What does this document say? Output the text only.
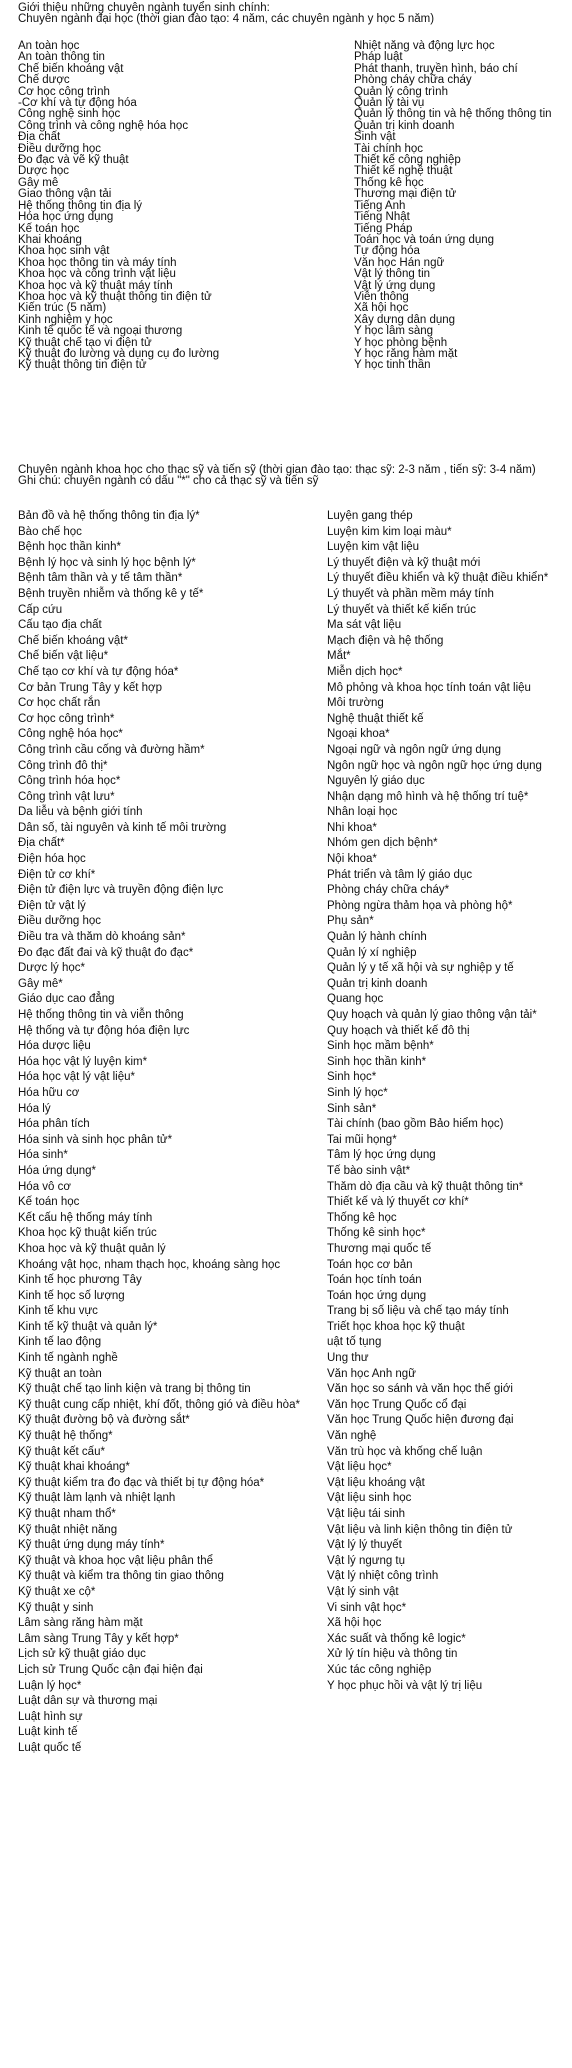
Giới thiệu những chuyên ngành tuyển sinh chính:
Chuyên ngành đại học (thời gian đào tạo: 4 năm, các chuyên ngành y học 5 năm)

An toàn học

An toàn thông tin

Chế biến khoáng vật

Chế dược

Cơ học công trình

-Cơ khí và tự động hóa

Công nghệ sinh học

Công trình và công nghệ hóa học

Địa chất

Điều dưỡng học

Đo đạc và vẽ kỹ thuật

Dược học

Gây mê

Giao thông vận tải

Hệ thống thông tin địa lý

Hóa học ứng dụng

Kế toán học

Khai khoáng

Khoa học sinh vật

Khoa học thông tin và máy tính

Khoa học và công trình vật liệu

Khoa học và kỹ thuật máy tính

Khoa học và kỹ thuật thông tin điện tử

Kiến trúc (5 năm)

Kinh nghiệm y học

Kinh tế quốc tế và ngoại thương

Kỹ thuật chế tạo vi điện tử

Kỹ thuật đo lường và dụng cụ đo lường

Kỹ thuật thông tin điện tử

Nhiệt năng và động lực học

Pháp luật

Phát thanh, truyền hình, báo chí

Phòng cháy chữa cháy

Quản lý công trình

Quản lý tài vụ

Quản lý thông tin và hệ thống thông tin

Quản trị kinh doanh

Sinh vật

Tài chính học

Thiết kế công nghiệp

Thiết kế nghệ thuật

Thống kê học

Thương mại điện tử

Tiếng Anh

Tiếng Nhật

Tiếng Pháp

Toán học và toán ứng dụng

Tự động hóa

Văn học Hán ngữ

Vật lý thông tin

Vật lý ứng dụng

Viễn thông

Xã hội học

Xây dựng dân dụng

Y học lâm sàng

Y học phòng bệnh

Y học răng hàm mặt

Y học tinh thần

Chuyên ngành khoa học cho thạc sỹ và tiến sỹ (thời gian đào tạo: thạc sỹ: 2-3 năm , tiến sỹ: 3-4 năm)
Ghi chú: chuyên ngành có dấu "*" cho cả thạc sỹ và tiến sỹ

Bản đồ và hệ thống thông tin địa lý*

Bào chế học

Bệnh học thần kinh*

Bệnh lý học và sinh lý học bệnh lý*

Bệnh tâm thần và y tế tâm thần*

Bệnh truyền nhiễm và thống kê y tế*

Cấp cứu

Cấu tạo địa chất

Chế biến khoáng vật*

Chế biến vật liệu*

Chế tạo cơ khí và tự động hóa*

Cơ bản Trung Tây y kết hợp

Cơ học chất rắn

Cơ học công trình*

Công nghệ hóa học*

Công trình cầu cống và đường hầm*

Công trình đô thị*

Công trình hóa học*

Công trình vật lưu*

Da liễu và bệnh giới tính

Dân số, tài nguyên và kinh tế môi trường

Địa chất*

Điện hóa học

Điện tử cơ khí*

Điện tử điện lực và truyền động điện lực

Điện tử vật lý

Điều dưỡng học

Điều tra và thăm dò khoáng sản*

Đo đạc đất đai và kỹ thuật đo đạc*

Dược lý học*

Gây mê*

Giáo dục cao đẳng

Hệ thống thông tin và viễn thông

Hệ thống và tự động hóa điện lực

Hóa dược liệu

Hóa học vật lý luyện kim*

Hóa học vật lý vật liệu*

Hóa hữu cơ

Hóa lý

Hóa phân tích

Hóa sinh và sinh học phân tử*

Hóa sinh*

Hóa ứng dụng*

Hóa vô cơ

Kế toán học

Kết cấu hệ thống máy tính

Khoa học kỹ thuật kiến trúc

Khoa học và kỹ thuật quản lý

Khoáng vật học, nham thạch học, khoáng sàng học

Kinh tế học phương Tây

Kinh tế học số lượng

Kinh tế khu vực

Kinh tế kỹ thuật và quản lý*

Kinh tế lao động

Kinh tế ngành nghề

Kỹ thuật an toàn

Kỹ thuật chế tạo linh kiện và trang bị thông tin

Kỹ thuật cung cấp nhiệt, khí đốt, thông gió và điều hòa*

Kỹ thuật đường bộ và đường sắt*

Kỹ thuật hệ thống*

Kỹ thuật kết cấu*

Kỹ thuật khai khoáng*

Kỹ thuật kiểm tra đo đạc và thiết bị tự động hóa*

Kỹ thuật làm lạnh và nhiệt lạnh

Kỹ thuật nham thổ*

Kỹ thuật nhiệt năng

Kỹ thuật ứng dụng máy tính*

Kỹ thuật và khoa học vật liệu phân thể

Kỹ thuật và kiểm tra thông tin giao thông

Kỹ thuật xe cộ*

Kỹ thuật y sinh

Lâm sàng răng hàm mặt

Lâm sàng Trung Tây y kết hợp*

Lịch sử kỹ thuật giáo dục

Lịch sử Trung Quốc cận đại hiện đại

Luận lý học*

Luật dân sự và thương mại

Luật hình sự

Luật kinh tế

Luật quốc tế

Luyện gang thép

Luyện kim kim loại màu*

Luyện kim vật liệu

Lý thuyết điện và kỹ thuật mới

Lý thuyết điều khiển và kỹ thuật điều khiển*

Lý thuyết và phần mềm máy tính

Lý thuyết và thiết kế kiến trúc

Ma sát vật liệu

Mạch điện và hệ thống

Mắt*

Miễn dịch học*

Mô phỏng và khoa học tính toán vật liệu

Môi trường

Nghệ thuật thiết kế

Ngoại khoa*

Ngoại ngữ và ngôn ngữ ứng dụng

Ngôn ngữ học và ngôn ngữ học ứng dụng

Nguyên lý giáo dục

Nhận dạng mô hình và hệ thống trí tuệ*

Nhân loại học

Nhi khoa*

Nhóm gen dịch bệnh*

Nội khoa*

Phát triển và tâm lý giáo dục

Phòng cháy chữa cháy*

Phòng ngừa thảm họa và phòng hộ*

Phụ sản*

Quản lý hành chính

Quản lý xí nghiệp

Quản lý y tế xã hội và sự nghiệp y tế

Quản trị kinh doanh

Quang học

Quy hoạch và quản lý giao thông vận tải*

Quy hoạch và thiết kế đô thị

Sinh học mầm bệnh*

Sinh học thần kinh*

Sinh học*

Sinh lý học*

Sinh sản*

Tài chính (bao gồm Bảo hiểm học)

Tai mũi họng*

Tâm lý học ứng dụng

Tế bào sinh vật*

Thăm dò địa cầu và kỹ thuật thông tin*

Thiết kế và lý thuyết cơ khí*

Thống kê học

Thống kê sinh học*

Thương mại quốc tế

Toán học cơ bản

Toán học tính toán

Toán học ứng dụng

Trang bị số liệu và chế tạo máy tính

Triết học khoa học kỹ thuật

uật tố tụng

Ung thư

Văn học Anh ngữ

Văn học so sánh và văn học thế giới

Văn học Trung Quốc cổ đại

Văn học Trung Quốc hiện đương đại

Văn nghệ

Văn trù học và khống chế luận

Vật liệu học*

Vật liệu khoáng vật

Vật liệu sinh học

Vật liệu tái sinh

Vật liệu và linh kiện thông tin điện tử

Vật lý lý thuyết

Vật lý ngưng tụ

Vật lý nhiệt công trình

Vật lý sinh vật

Vi sinh vật học*

Xã hội học

Xác suất và thống kê logic*

Xử lý tín hiệu và thông tin

Xúc tác công nghiệp

Y học phục hồi và vật lý trị liệu
